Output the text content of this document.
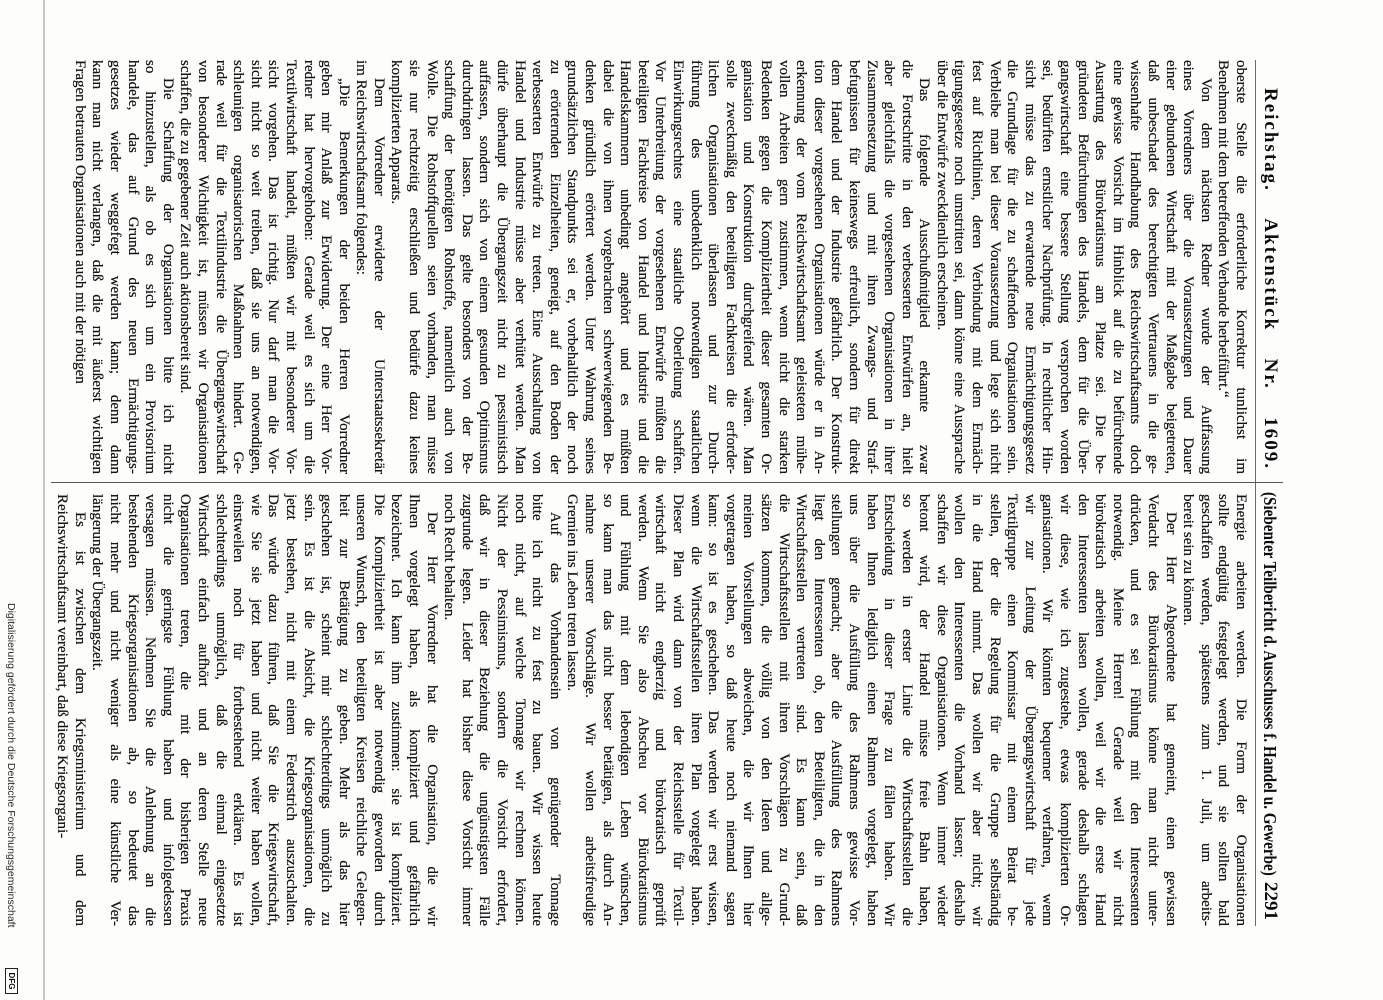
Reichstag. Aktenstück Nr. 1609.
(Siebenter Teilbericht d. Ausschusses f. Handel u. Gewerbe)
2291
oberste Stelle die erforderliche Korrektur tunlichst im
Benehmen mit dem betreffenden Verbande herbeiführt.“
Von dem nächsten Redner wurde der Auffassung
eines Vorredners über die Voraussetzungen und Dauer
einer gebundenen Wirtschaft mit der Maßgabe beigetreten,
daß unbeschadet des berechtigten Vertrauens in die ge-
wissenhafte Handhabung des Reichswirtschaftsamts doch
eine gewisse Vorsicht im Hinblick auf die zu befürchtende
Ausartung des Bürokratismus am Platze sei. Die be-
gründeten Befürchtungen des Handels, dem für die Über-
gangswirtschaft eine bessere Stellung versprochen worden
sei, bedürften ernstlicher Nachprüfung. In rechtlicher Hin-
sicht müsse das zu erwartende neue Ermächtigungsgesetz
die Grundlage für die zu schaffenden Organisationen sein.
Verbleibe man bei dieser Voraussetzung und lege sich nicht
fest auf Richtlinien, deren Verbindung mit dem Ermäch-
tigungsgesetze noch umstritten sei, dann könne eine Aussprache
über die Entwürfe zweckdienlich erscheinen.
Das folgende Ausschußmitglied erkannte zwar
die Fortschritte in den verbesserten Entwürfen an, hielt
aber gleichfalls die vorgesehenen Organisationen in ihrer
Zusammensetzung und mit ihren Zwangs- und Straf-
befugnissen für keineswegs erfreulich, sondern für direkt
dem Handel und der Industrie gefährlich. Der Konstruk-
tion dieser vorgesehenen Organisationen würde er in An-
erkennung der vom Reichswirtschaftsamt geleisteten mühe-
vollen Arbeiten gern zustimmen, wenn nicht die starken
Bedenken gegen die Kompliziertheit dieser gesamten Or-
ganisation und Konstruktion durchgreifend wären. Man
solle zweckmäßig den beteiligten Fachkreisen die erforder-
lichen Organisationen überlassen und zur Durch-
führung des unbedenklich notwendigen staatlichen
Einwirkungsrechtes eine staatliche Oberleitung schaffen.
Vor Unterbreitung der vorgesehenen Entwürfe müßten die
beteiligten Fachkreise von Handel und Industrie und die
Handelskammern unbedingt angehört und es müßten
dabei die von ihnen vorgebrachten schwerwiegenden Be-
denken gründlich erörtert werden. Unter Wahrung seines
grundsätzlichen Standpunkts sei er, vorbehaltlich der noch
zu erörternden Einzelheiten, geneigt, auf den Boden der
verbesserten Entwürfe zu treten. Eine Ausschaltung von
Handel und Industrie müsse aber verhütet werden. Man
dürfe überhaupt die Übergangszeit nicht zu pessimistisch
auffassen, sondern sich von einem gesunden Optimismus
durchdringen lassen. Das gelte besonders von der Be-
schaffung der benötigten Rohstoffe, namentlich auch von
Wolle. Die Rohstoffquellen seien vorhanden, man müsse
sie nur rechtzeitig erschließen und bedürfe dazu keines
komplizierten Apparats.
Dem Vorredner erwiderte der Unterstaatssekretär
im Reichswirtschaftsamt folgendes:
„Die Bemerkungen der beiden Herren Vorredner
geben mir Anlaß zur Erwiderung. Der eine Herr Vor-
redner hat hervorgehoben: Gerade weil es sich um die
Textilwirtschaft handelt, müßten wir mit besonderer Vor-
sicht vorgehen. Das ist richtig. Nur darf man die Vor-
sicht nicht so weit treiben, daß sie uns an notwendigen,
schleunigen organisatorischen Maßnahmen hindert. Ge-
rade weil für die Textilindustrie die Übergangswirtschaft
von besonderer Wichtigkeit ist, müssen wir Organisationen
schaffen, die zu gegebener Zeit auch aktionsbereit sind.
Die Schaffung der Organisationen bitte ich nicht
so hinzustellen, als ob es sich um ein Provisorium
handele, das auf Grund des neuen Ermächtigungs-
gesetzes wieder weggefegt werden kann; denn dann
kann man nicht verlangen, daß die mit äußerst wichtigen
Fragen betrauten Organisationen auch mit der nötigen
Energie arbeiten werden. Die Form der Organisationen
sollte endgültig festgelegt werden, und sie sollten bald
geschaffen werden, spätestens zum 1. Juli, um arbeits-
bereit sein zu können.
Der Herr Abgeordnete hat gemeint, einen gewissen
Verdacht des Bürokratismus könne man nicht unter-
drücken, und es sei Fühlung mit den Interessenten
notwendig. Meine Herren! Gerade weil wir nicht
bürokratisch arbeiten wollen, weil wir die erste Hand
den Interessenten lassen wollen, gerade deshalb schlagen
wir diese, wie ich zugestehe, etwas komplizierten Or-
ganisationen. Wir könnten bequemer verfahren, wenn
wir zur Leitung der Übergangswirtschaft für jede
Textilgruppe einen Kommissar mit einem Beirat be-
stellen, der die Regelung für die Gruppe selbständig
in die Hand nimmt. Das wollen wir aber nicht; wir
wollen den Interessenten die Vorhand lassen; deshalb
schaffen wir diese Organisationen. Wenn immer wieder
betont wird, der Handel müsse freie Bahn haben,
so werden in erster Linie die Wirtschaftsstellen die
Entscheidung in dieser Frage zu fällen haben. Wir
haben Ihnen lediglich einen Rahmen vorgelegt, haben
uns über die Ausfüllung des Rahmens gewisse Vor-
stellungen gemacht; aber die Ausfüllung des Rahmens
liegt den Interessenten ob, den Beteiligten, die in den
Wirtschaftsstellen vertreten sind. Es kann sein, daß
die Wirtschaftsstellen mit ihren Vorschlägen zu Grund-
sätzen kommen, die völlig von den Ideen und allge-
meinen Vorstellungen abweichen, die wir Ihnen hier
vorgetragen haben, so daß heute noch niemand sagen
kann: so ist es geschehen. Das werden wir erst wissen,
wenn die Wirtschaftsstellen ihren Plan vorgelegt haben.
Dieser Plan wird dann von der Reichsstelle für Textil-
wirtschaft nicht engherzig und bürokratisch geprüft
werden. Wenn Sie also Abscheu vor Bürokratismus
und Fühlung mit dem lebendigen Leben wünschen,
so kann man das nicht besser betätigen, als durch An-
nahme unserer Vorschläge. Wir wollen arbeitsfreudige
Gremien ins Leben treten lassen.
Auf das Vorhandensein von genügender Tonnage
bitte ich nicht zu fest zu bauen. Wir wissen heute
noch nicht, auf welche Tonnage wir rechnen können.
Nicht der Pessimismus, sondern die Vorsicht erfordert,
daß wir in dieser Beziehung die ungünstigsten Fälle
zugrunde legen. Leider hat bisher diese Vorsicht immer
noch Recht behalten.
Der Herr Vorredner hat die Organisation, die wir
Ihnen vorgelegt haben, als kompliziert und gefährlich
bezeichnet. Ich kann ihm zustimmen: sie ist kompliziert.
Die Kompliziertheit ist aber notwendig geworden durch
unseren Wunsch, den beteiligten Kreisen reichliche Gelegen-
heit zur Betätigung zu geben. Mehr als das hier
geschehen ist, scheint mir schlechterdings unmöglich zu
sein. Es ist die Absicht, die Kriegsorganisationen, die
jetzt bestehen, nicht mit einem Federstrich auszuschalten.
Das würde dazu führen, daß Sie die Kriegswirtschaft,
wie Sie sie jetzt haben und nicht weiter haben wollen,
einstweilen noch für fortbestehend erklären. Es ist
schlechterdings unmöglich, daß die einmal eingesetzte
Wirtschaft einfach aufhört und an deren Stelle neue
Organisationen treten, die mit der bisherigen Praxis
nicht die geringste Fühlung haben und infolgedessen
versagen müssen. Nehmen Sie die Anlehnung an die
bestehenden Kriegsorganisationen ab, so bedeutet das
nicht mehr und nicht weniger als eine künstliche Ver-
längerung der Übergangszeit.
Es ist zwischen dem Kriegsministerium und dem
Reichswirtschaftsamt vereinbart, daß diese Kriegsorgani-
Digitalisierung gefördert durch die Deutsche Forschungsgemeinschaft
DFG
